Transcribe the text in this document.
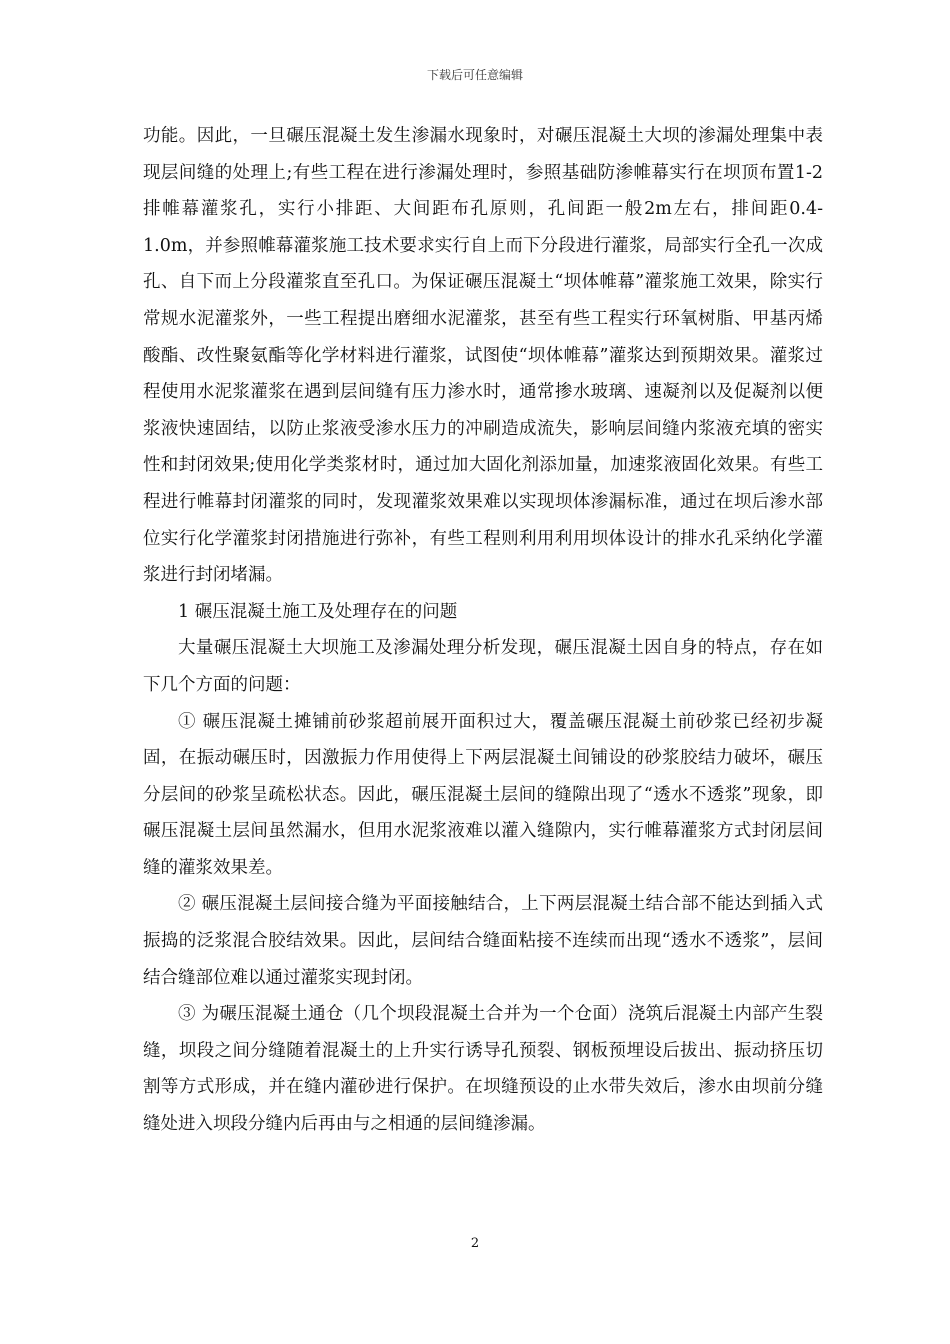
下载后可任意编辑

功能。因此，一旦碾压混凝土发生渗漏水现象时，对碾压混凝土大坝的渗漏处理集中表现层间缝的处理上;有些工程在进行渗漏处理时，参照基础防渗帷幕实行在坝顶布置1-2排帷幕灌浆孔，实行小排距、大间距布孔原则，孔间距一般2m左右，排间距0.4-1.0m，并参照帷幕灌浆施工技术要求实行自上而下分段进行灌浆，局部实行全孔一次成孔、自下而上分段灌浆直至孔口。为保证碾压混凝土“坝体帷幕”灌浆施工效果，除实行常规水泥灌浆外，一些工程提出磨细水泥灌浆，甚至有些工程实行环氧树脂、甲基丙烯酸酯、改性聚氨酯等化学材料进行灌浆，试图使“坝体帷幕”灌浆达到预期效果。灌浆过程使用水泥浆灌浆在遇到层间缝有压力渗水时，通常掺水玻璃、速凝剂以及促凝剂以便浆液快速固结，以防止浆液受渗水压力的冲刷造成流失，影响层间缝内浆液充填的密实性和封闭效果;使用化学类浆材时，通过加大固化剂添加量，加速浆液固化效果。有些工程进行帷幕封闭灌浆的同时，发现灌浆效果难以实现坝体渗漏标准，通过在坝后渗水部位实行化学灌浆封闭措施进行弥补，有些工程则利用利用坝体设计的排水孔采纳化学灌浆进行封闭堵漏。

1 碾压混凝土施工及处理存在的问题

大量碾压混凝土大坝施工及渗漏处理分析发现，碾压混凝土因自身的特点，存在如下几个方面的问题：

① 碾压混凝土摊铺前砂浆超前展开面积过大，覆盖碾压混凝土前砂浆已经初步凝固，在振动碾压时，因激振力作用使得上下两层混凝土间铺设的砂浆胶结力破坏，碾压分层间的砂浆呈疏松状态。因此，碾压混凝土层间的缝隙出现了“透水不透浆”现象，即碾压混凝土层间虽然漏水，但用水泥浆液难以灌入缝隙内，实行帷幕灌浆方式封闭层间缝的灌浆效果差。

② 碾压混凝土层间接合缝为平面接触结合，上下两层混凝土结合部不能达到插入式振捣的泛浆混合胶结效果。因此，层间结合缝面粘接不连续而出现“透水不透浆”，层间结合缝部位难以通过灌浆实现封闭。

③ 为碾压混凝土通仓（几个坝段混凝土合并为一个仓面）浇筑后混凝土内部产生裂缝，坝段之间分缝随着混凝土的上升实行诱导孔预裂、钢板预埋设后拔出、振动挤压切割等方式形成，并在缝内灌砂进行保护。在坝缝预设的止水带失效后，渗水由坝前分缝缝处进入坝段分缝内后再由与之相通的层间缝渗漏。

2
